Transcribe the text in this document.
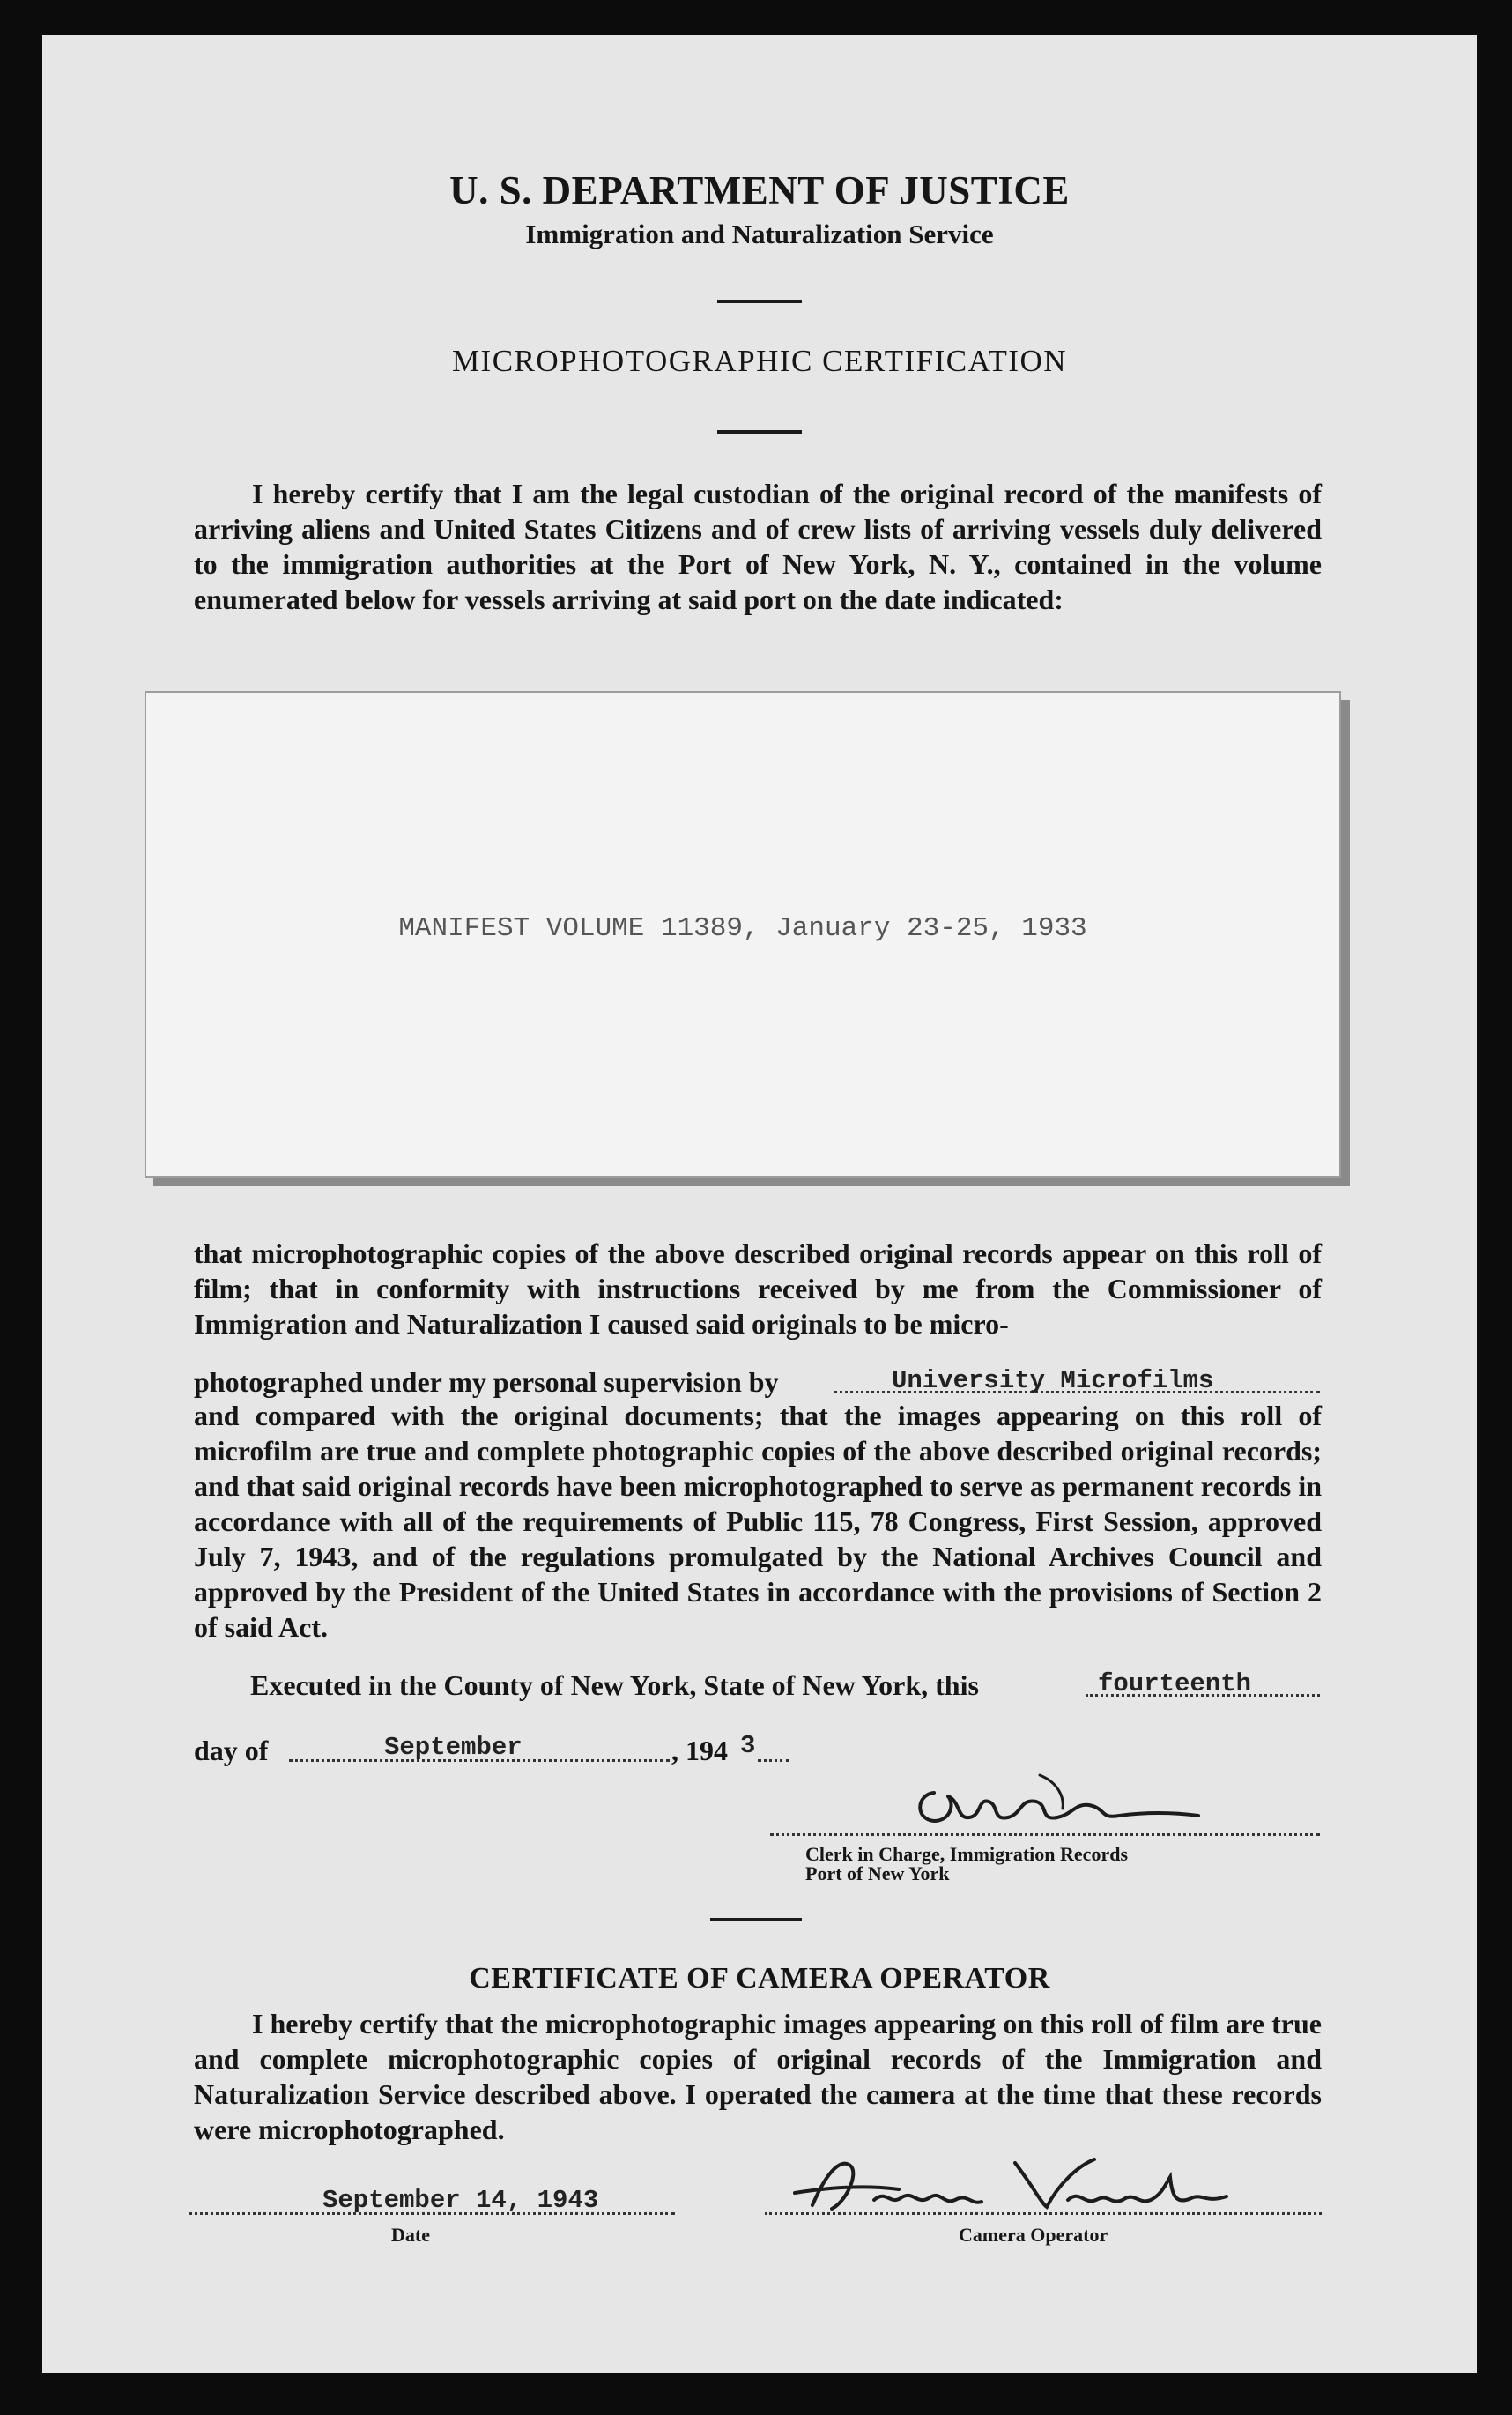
U. S. DEPARTMENT OF JUSTICE
Immigration and Naturalization Service
MICROPHOTOGRAPHIC CERTIFICATION

I hereby certify that I am the legal custodian of the original record of the manifests of arriving aliens and United States Citizens and of crew lists of arriving vessels duly delivered to the immigration authorities at the Port of New York, N. Y., contained in the volume enumerated below for vessels arriving at said port on the date indicated:

MANIFEST VOLUME 11389, January 23-25, 1933

that microphotographic copies of the above described original records appear on this roll of film; that in conformity with instructions received by me from the Commissioner of Immigration and Naturalization I caused said originals to be micro-

photographed under my personal supervision by	University Microfilms

and compared with the original documents; that the images appearing on this roll of microfilm are true and complete photographic copies of the above described original records; and that said original records have been microphotographed to serve as permanent records in accordance with all of the requirements of Public 115, 78 Congress, First Session, approved July 7, 1943, and of the regulations promulgated by the National Archives Council and approved by the President of the United States in accordance with the provisions of Section 2 of said Act.

Executed in the County of New York, State of New York, this	fourteenth
day of	September	, 194 3
Clerk in Charge, Immigration Records
Port of New York
CERTIFICATE OF CAMERA OPERATOR

I hereby certify that the microphotographic images appearing on this roll of film are true and complete microphotographic copies of original records of the Immigration and Naturalization Service described above. I operated the camera at the time that these records were microphotographed.

September 14, 1943
Date	Camera Operator
